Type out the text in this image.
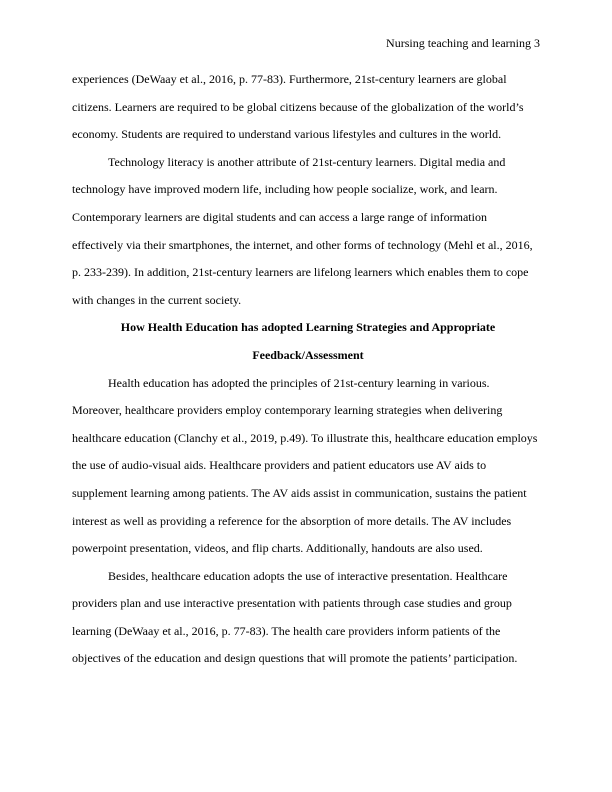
Nursing teaching and learning 3
experiences (DeWaay et al., 2016, p. 77-83). Furthermore, 21st-century learners are global
citizens. Learners are required to be global citizens because of the globalization of the world’s
economy. Students are required to understand various lifestyles and cultures in the world.
Technology literacy is another attribute of 21st-century learners. Digital media and
technology have improved modern life, including how people socialize, work, and learn.
Contemporary learners are digital students and can access a large range of information
effectively via their smartphones, the internet, and other forms of technology (Mehl et al., 2016,
p. 233-239). In addition, 21st-century learners are lifelong learners which enables them to cope
with changes in the current society.
How Health Education has adopted Learning Strategies and Appropriate
Feedback/Assessment
Health education has adopted the principles of 21st-century learning in various.
Moreover, healthcare providers employ contemporary learning strategies when delivering
healthcare education (Clanchy et al., 2019, p.49). To illustrate this, healthcare education employs
the use of audio-visual aids. Healthcare providers and patient educators use AV aids to
supplement learning among patients. The AV aids assist in communication, sustains the patient
interest as well as providing a reference for the absorption of more details. The AV includes
powerpoint presentation, videos, and flip charts. Additionally, handouts are also used.
Besides, healthcare education adopts the use of interactive presentation. Healthcare
providers plan and use interactive presentation with patients through case studies and group
learning (DeWaay et al., 2016, p. 77-83). The health care providers inform patients of the
objectives of the education and design questions that will promote the patients’ participation.
